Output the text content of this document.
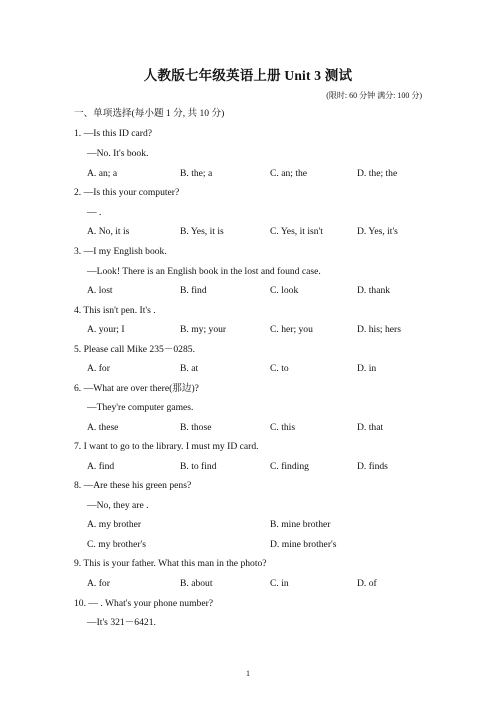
人教版七年级英语上册 Unit 3 测试
(限时: 60 分钟 满分: 100 分)
一、单项选择(每小题 1 分, 共 10 分)
1. —Is this ID card?
—No. It's book.
A. an; a	B. the; a	C. an; the	D. the; the
2. —Is this your computer?
— .
A. No, it is	B. Yes, it is	C. Yes, it isn't	D. Yes, it's
3. —I my English book.
—Look! There is an English book in the lost and found case.
A. lost	B. find	C. look	D. thank
4. This isn't pen. It's .
A. your; I	B. my; your	C. her; you	D. his; hers
5. Please call Mike 235－0285.
A. for	B. at	C. to	D. in
6. —What are over there(那边)?
—They're computer games.
A. these	B. those	C. this	D. that
7. I want to go to the library. I must my ID card.
A. find	B. to find	C. finding	D. finds
8. —Are these his green pens?
—No, they are .
A. my brother	B. mine brother
C. my brother's	D. mine brother's
9. This is your father. What this man in the photo?
A. for	B. about	C. in	D. of
10. — . What's your phone number?
—It's 321－6421.
1
